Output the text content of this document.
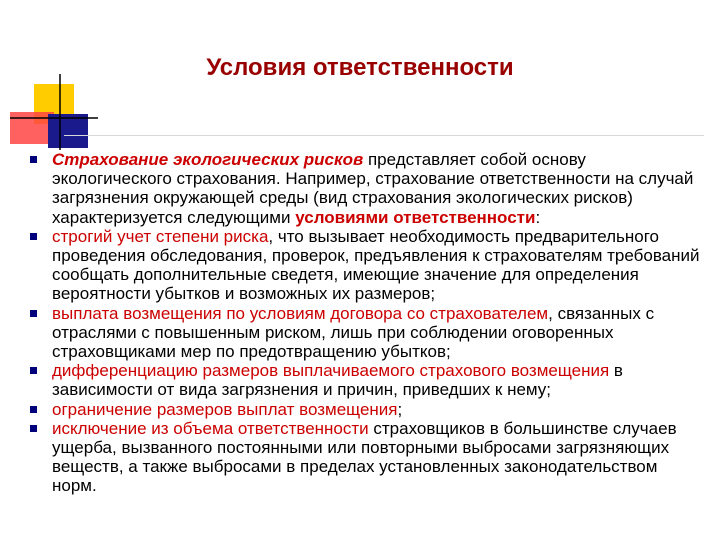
Условия ответственности
Страхование экологических рисков представляет собой основу экологического страхования. Например, страхование ответственности на случай загрязнения окружающей среды (вид страхования экологических рисков) характеризуется следующими условиями ответственности:
строгий учет степени риска, что вызывает необходимость предварительного проведения обследования, проверок, предъявления к страхователям требований сообщать дополнительные сведетя, имеющие значение для определения вероятности убытков и возможных их размеров;
выплата возмещения по условиям договора со страхователем, связанных с отраслями с повышенным риском, лишь при соблюдении оговоренных страховщиками мер по предотвращению убытков;
дифференциацию размеров выплачиваемого страхового возмещения в зависимости от вида загрязнения и причин, приведших к нему;
ограничение размеров выплат возмещения;
исключение из объема ответственности страховщиков в большинстве случаев ущерба, вызванного постоянными или повторными выбросами загрязняющих веществ, а также выбросами в пределах установленных законодательством норм.
